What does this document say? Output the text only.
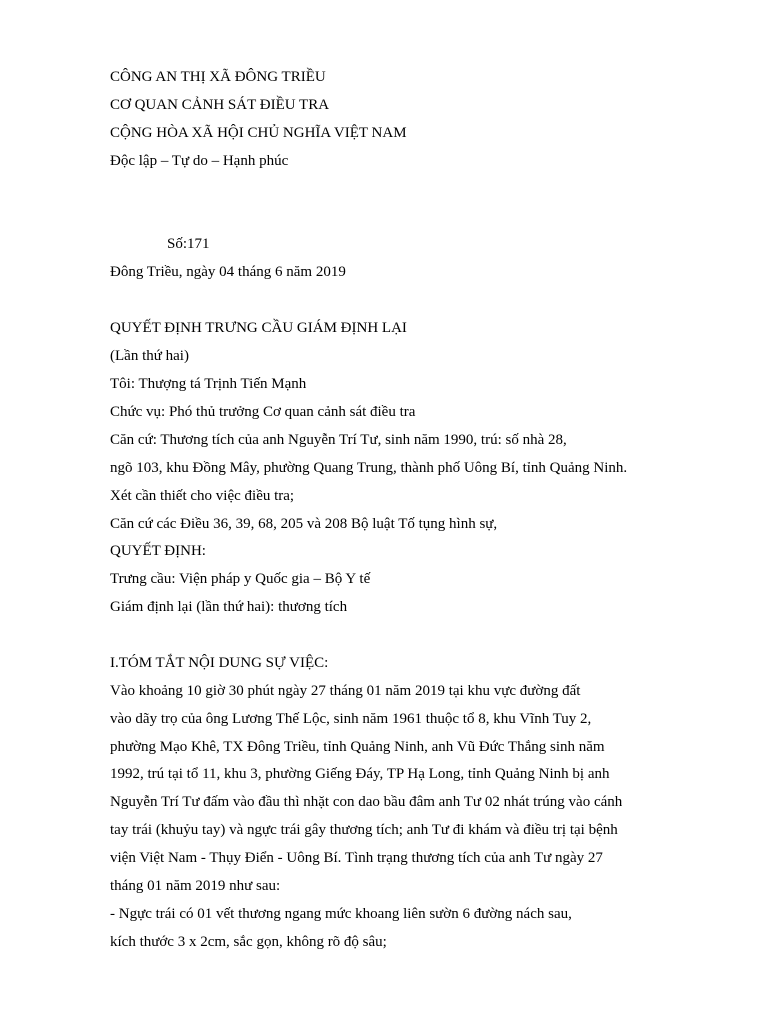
CÔNG AN THỊ XÃ ĐÔNG TRIỀU

CƠ QUAN CẢNH SÁT ĐIỀU TRA

CỘNG HÒA XÃ HỘI CHỦ NGHĨA VIỆT NAM

Độc lập – Tự do – Hạnh phúc

Số:171

Đông Triều, ngày 04 tháng 6 năm 2019

QUYẾT ĐỊNH TRƯNG CẦU GIÁM ĐỊNH LẠI

(Lần thứ hai)

Tôi: Thượng tá Trịnh Tiến Mạnh

Chức vụ: Phó thủ trưởng Cơ quan cảnh sát điều tra

Căn cứ: Thương tích của anh Nguyễn Trí Tư, sinh năm 1990, trú: số nhà 28,

ngõ 103, khu Đồng Mây, phường Quang Trung, thành phố Uông Bí, tỉnh Quảng Ninh.

Xét cần thiết cho việc điều tra;

Căn cứ các Điều 36, 39, 68, 205 và 208 Bộ luật Tố tụng hình sự,

QUYẾT ĐỊNH:

Trưng cầu: Viện pháp y Quốc gia – Bộ Y tế

Giám định lại (lần thứ hai): thương tích

I.TÓM TẮT NỘI DUNG SỰ VIỆC:

Vào khoảng 10 giờ 30 phút ngày 27 tháng 01 năm 2019 tại khu vực đường đất

vào dãy trọ của ông Lương Thế Lộc, sinh năm 1961 thuộc tổ 8, khu Vĩnh Tuy 2,

phường Mạo Khê, TX Đông Triều, tỉnh Quảng Ninh, anh Vũ Đức Thắng sinh năm

1992, trú tại tổ 11, khu 3, phường Giếng Đáy, TP Hạ Long, tỉnh Quảng Ninh bị anh

Nguyễn Trí Tư đấm vào đầu thì nhặt con dao bầu đâm anh Tư 02 nhát trúng vào cánh

tay trái (khuỷu tay) và ngực trái gây thương tích; anh Tư đi khám và điều trị tại bệnh

viện Việt Nam - Thụy Điển - Uông Bí. Tình trạng thương tích của anh Tư ngày 27

tháng 01 năm 2019 như sau:

- Ngực trái có 01 vết thương ngang mức khoang liên sườn 6 đường nách sau,

kích thước 3 x 2cm, sắc gọn, không rõ độ sâu;
